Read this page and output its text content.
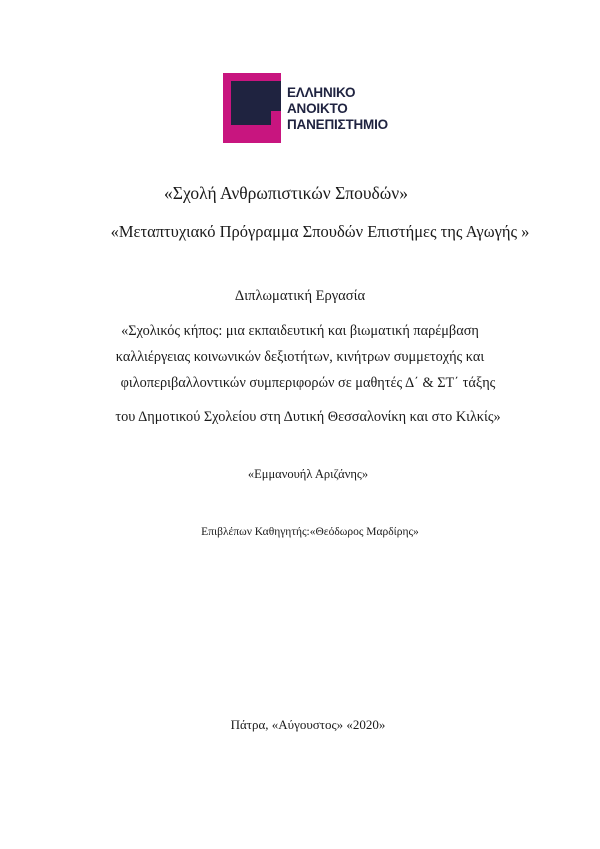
ΕΛΛΗΝΙΚΟ
ΑΝΟΙΚΤΟ
ΠΑΝΕΠΙΣΤΗΜΙΟ
«Σχολή Ανθρωπιστικών Σπουδών»
«Μεταπτυχιακό Πρόγραμμα Σπουδών Επιστήμες της Αγωγής »
Διπλωματική Εργασία
«Σχολικός κήπος: μια εκπαιδευτική και βιωματική παρέμβαση
καλλιέργειας κοινωνικών δεξιοτήτων, κινήτρων συμμετοχής και
φιλοπεριβαλλοντικών συμπεριφορών σε μαθητές Δ΄ & ΣΤ΄ τάξης
του Δημοτικού Σχολείου στη Δυτική Θεσσαλονίκη και στο Κιλκίς»
«Εμμανουήλ Αριζάνης»
Επιβλέπων Καθηγητής:«Θεόδωρος Μαρδίρης»
Πάτρα, «Αύγουστος» «2020»
